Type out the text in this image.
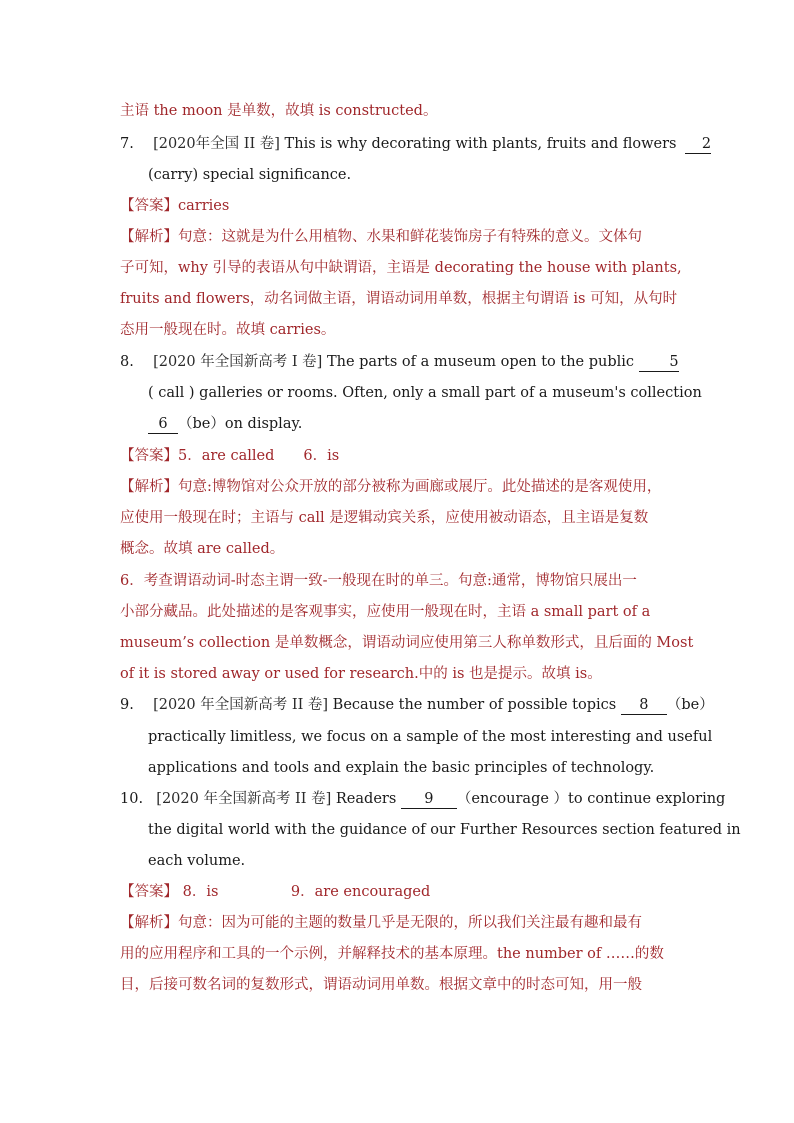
主语 the moon 是单数，故填 is constructed。
7. [2020年全国 II 卷] This is why decorating with plants, fruits and flowers 2
(carry) special significance.
【答案】carries
【解析】句意：这就是为什么用植物、水果和鲜花装饰房子有特殊的意义。文体句
子可知，why 引导的表语从句中缺谓语，主语是 decorating the house with plants,
fruits and flowers，动名词做主语，谓语动词用单数，根据主句谓语 is 可知，从句时
态用一般现在时。故填 carries。
8. [2020 年全国新高考 Ⅰ 卷] The parts of a museum open to the public 5
( call ) galleries or rooms. Often, only a small part of a museum's collection
6 （be）on display.
【答案】5．are called　　6．is
【解析】句意:博物馆对公众开放的部分被称为画廊或展厅。此处描述的是客观使用，
应使用一般现在时；主语与 call 是逻辑动宾关系，应使用被动语态，且主语是复数
概念。故填 are called。
6．考查谓语动词-时态主谓一致-一般现在时的单三。句意:通常，博物馆只展出一
小部分藏品。此处描述的是客观事实，应使用一般现在时，主语 a small part of a
museum’s collection 是单数概念，谓语动词应使用第三人称单数形式，且后面的 Most
of it is stored away or used for research.中的 is 也是提示。故填 is。
9. [2020 年全国新高考 II 卷] Because the number of possible topics 8 （be）
practically limitless, we focus on a sample of the most interesting and useful
applications and tools and explain the basic principles of technology.
10. [2020 年全国新高考 II 卷] Readers 9 （encourage ）to continue exploring
the digital world with the guidance of our Further Resources section featured in
each volume.
【答案】 8．is　　　　　9．are encouraged
【解析】句意：因为可能的主题的数量几乎是无限的，所以我们关注最有趣和最有
用的应用程序和工具的一个示例，并解释技术的基本原理。the number of ……的数
目，后接可数名词的复数形式，谓语动词用单数。根据文章中的时态可知，用一般
